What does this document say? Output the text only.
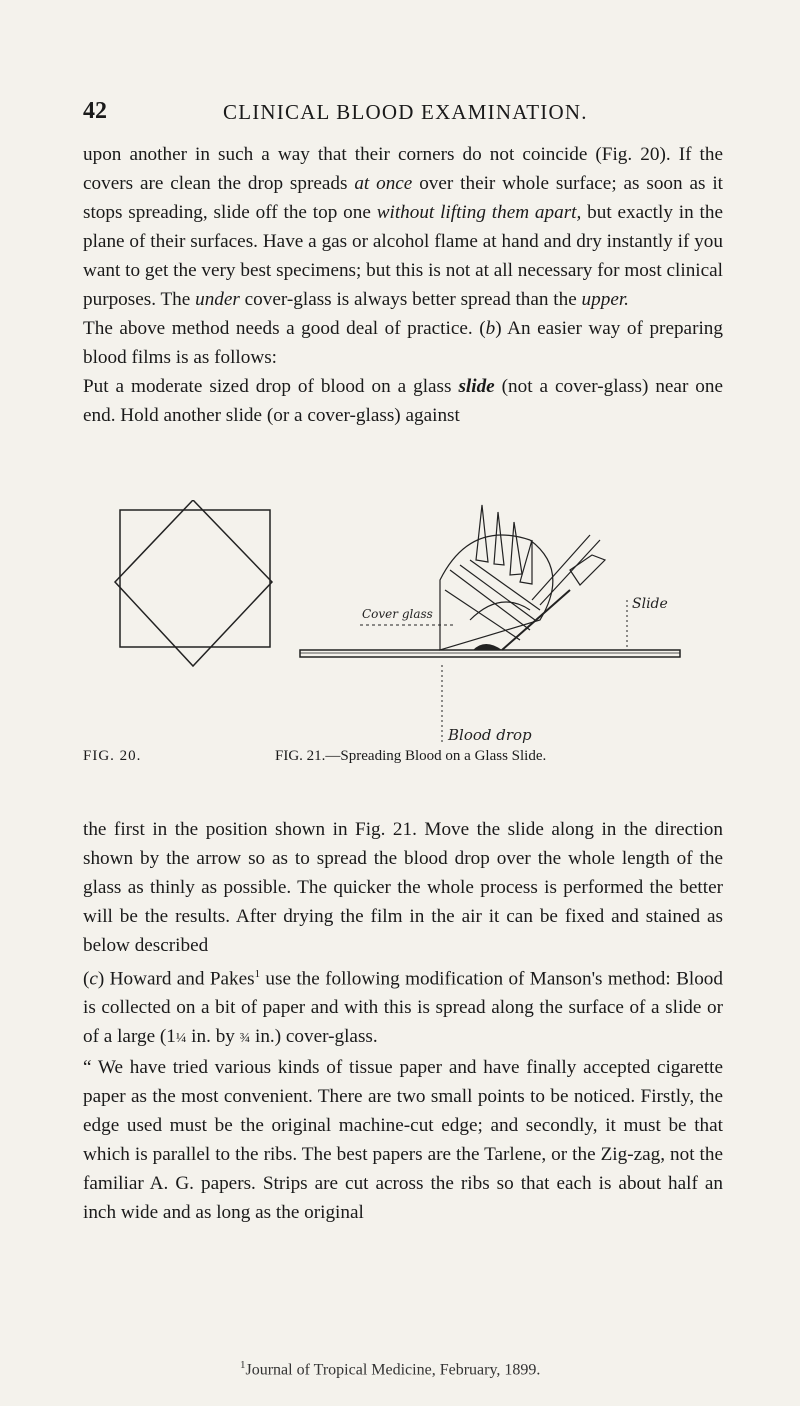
42	CLINICAL BLOOD EXAMINATION.

upon another in such a way that their corners do not coincide (Fig. 20). If the covers are clean the drop spreads at once over their whole surface; as soon as it stops spreading, slide off the top one without lifting them apart, but exactly in the plane of their surfaces. Have a gas or alcohol flame at hand and dry instantly if you want to get the very best specimens; but this is not at all necessary for most clinical purposes. The under cover-glass is always better spread than the upper.

The above method needs a good deal of practice. (b) An easier way of preparing blood films is as follows:

Put a moderate sized drop of blood on a glass slide (not a cover-glass) near one end. Hold another slide (or a cover-glass) against

FIG. 20.
Cover glass
Slide
Blood drop
FIG. 21.—Spreading Blood on a Glass Slide.

the first in the position shown in Fig. 21. Move the slide along in the direction shown by the arrow so as to spread the blood drop over the whole length of the glass as thinly as possible. The quicker the whole process is performed the better will be the results. After drying the film in the air it can be fixed and stained as below described

(c) Howard and Pakes$^1$ use the following modification of Manson's method: Blood is collected on a bit of paper and with this is spread along the surface of a slide or of a large (1¼ in. by ¾ in.) cover-glass.

“ We have tried various kinds of tissue paper and have finally accepted cigarette paper as the most convenient. There are two small points to be noticed. Firstly, the edge used must be the original machine-cut edge; and secondly, it must be that which is parallel to the ribs. The best papers are the Tarlene, or the Zig-zag, not the familiar A. G. papers. Strips are cut across the ribs so that each is about half an inch wide and as long as the original

$^1$Journal of Tropical Medicine, February, 1899.
